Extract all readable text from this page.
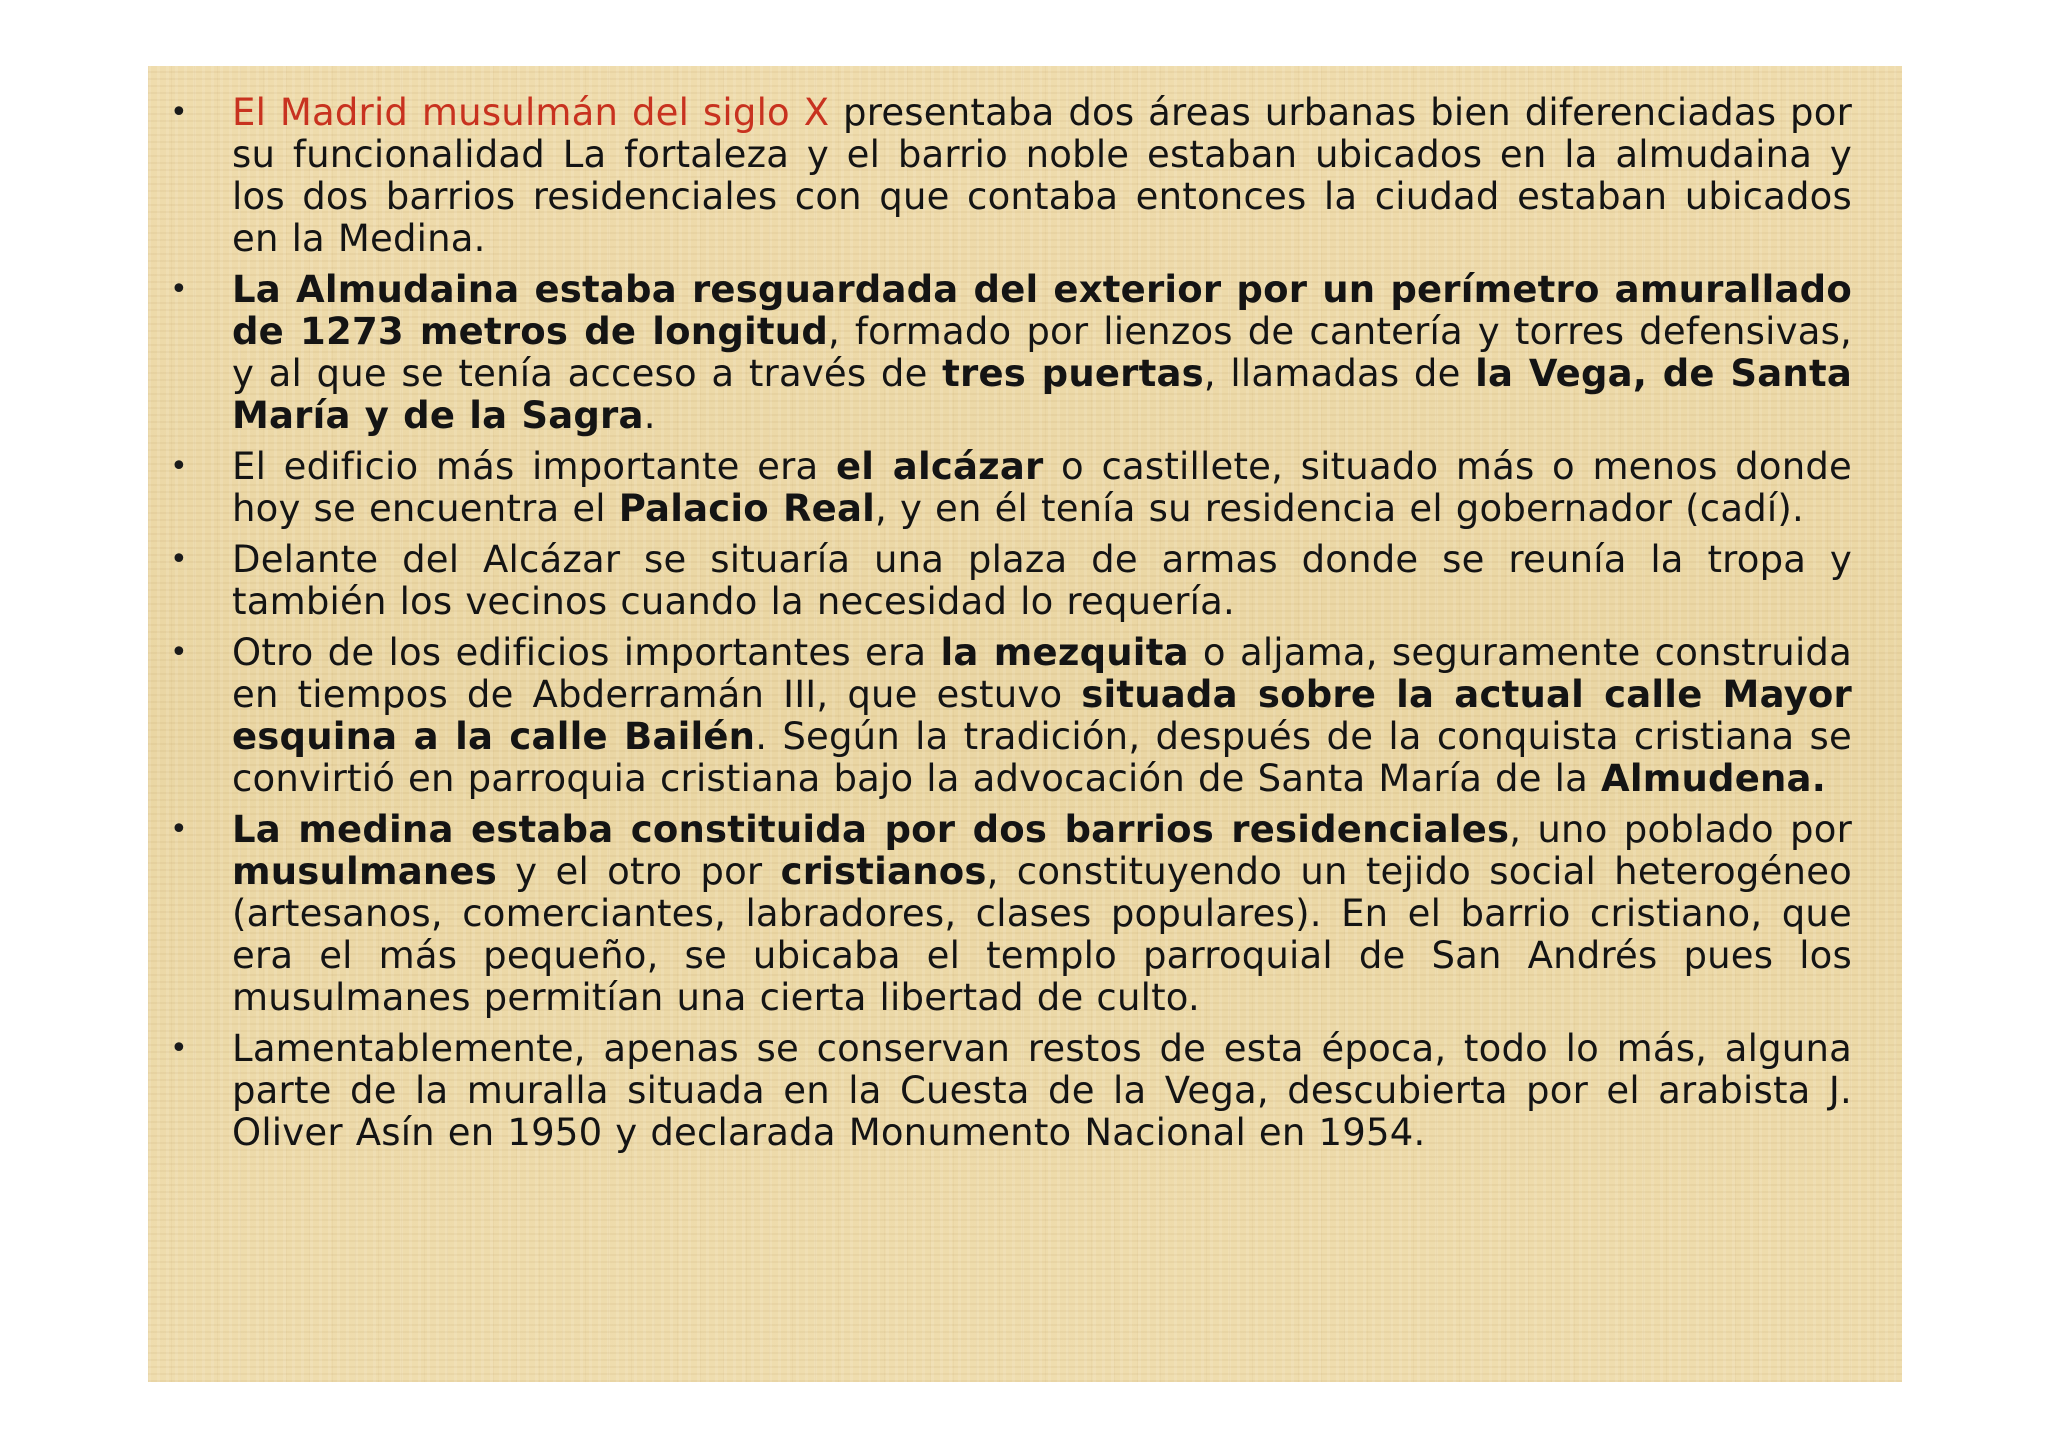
• El Madrid musulmán del siglo X presentaba dos áreas urbanas bien diferenciadas por su funcionalidad La fortaleza y el barrio noble estaban ubicados en la almudaina y los dos barrios residenciales con que contaba entonces la ciudad estaban ubicados en la Medina.

• La Almudaina estaba resguardada del exterior por un perímetro amurallado de 1273 metros de longitud, formado por lienzos de cantería y torres defensivas, y al que se tenía acceso a través de tres puertas, llamadas de la Vega, de Santa María y de la Sagra.

• El edificio más importante era el alcázar o castillete, situado más o menos donde hoy se encuentra el Palacio Real, y en él tenía su residencia el gobernador (cadí).

• Delante del Alcázar se situaría una plaza de armas donde se reunía la tropa y también los vecinos cuando la necesidad lo requería.

• Otro de los edificios importantes era la mezquita o aljama, seguramente construida en tiempos de Abderramán III, que estuvo situada sobre la actual calle Mayor esquina a la calle Bailén. Según la tradición, después de la conquista cristiana se convirtió en parroquia cristiana bajo la advocación de Santa María de la Almudena.

• La medina estaba constituida por dos barrios residenciales, uno poblado por musulmanes y el otro por cristianos, constituyendo un tejido social heterogéneo (artesanos, comerciantes, labradores, clases populares). En el barrio cristiano, que era el más pequeño, se ubicaba el templo parroquial de San Andrés pues los musulmanes permitían una cierta libertad de culto.

• Lamentablemente, apenas se conservan restos de esta época, todo lo más, alguna parte de la muralla situada en la Cuesta de la Vega, descubierta por el arabista J. Oliver Asín en 1950 y declarada Monumento Nacional en 1954.
